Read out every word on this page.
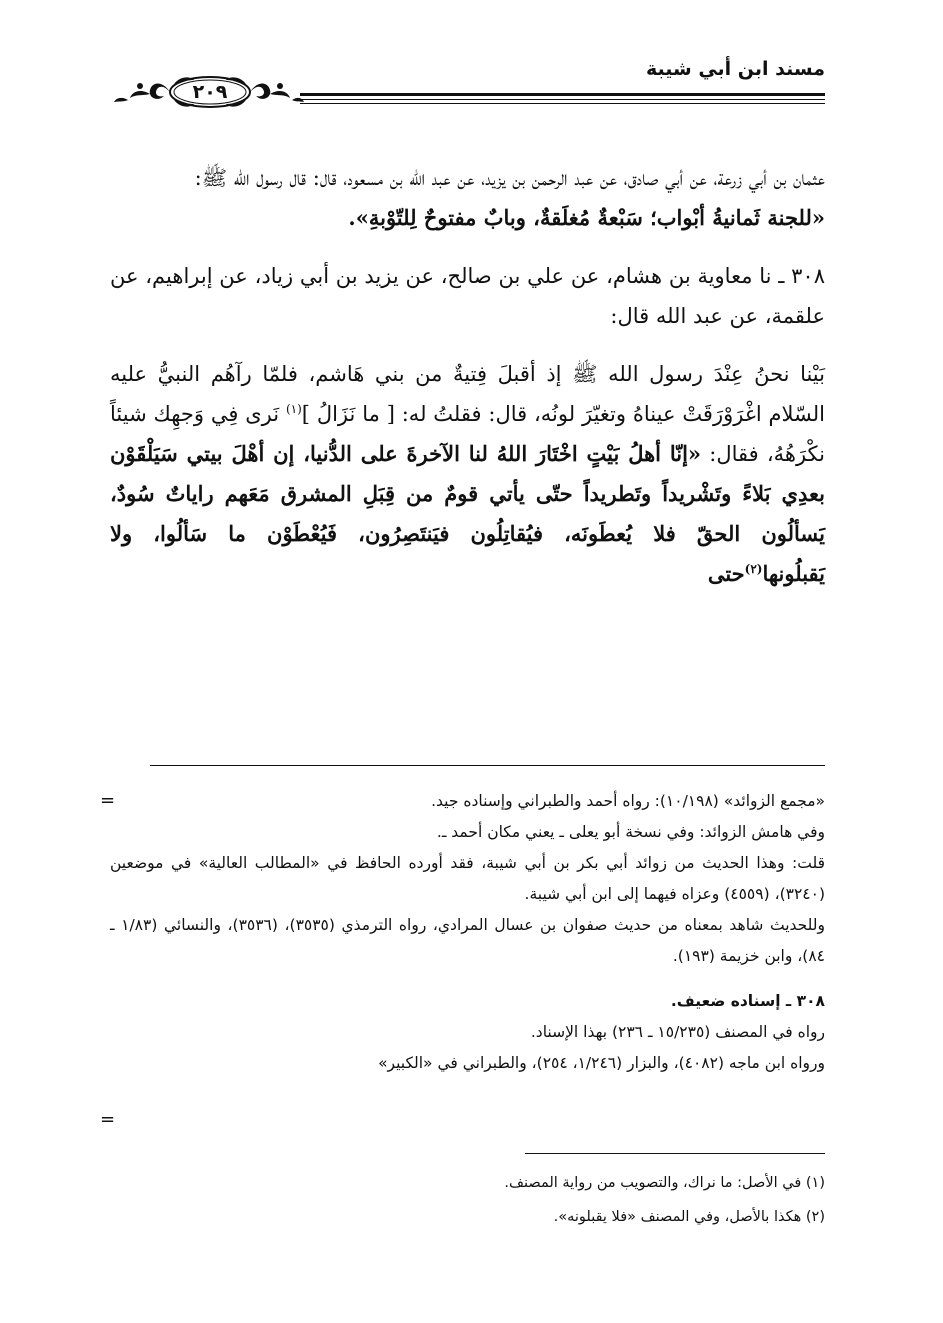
مسند ابن أبي شيبة
٢٠٩

عثمان بن أبي زرعة، عن أبي صادق، عن عبد الرحمن بن يزيد، عن عبد الله بن مسعود، قال: قال رسول الله ﷺ:

«للجنة ثَمانيةُ أبْواب؛ سَبْعةٌ مُغلَقةٌ، وبابٌ مفتوحٌ لِلتّوْبةِ».

٣٠٨ ـ نا معاوية بن هشام، عن علي بن صالح، عن يزيد بن أبي زياد، عن إبراهيم، عن علقمة، عن عبد الله قال:

بَيْنا نحنُ عِنْدَ رسول الله ﷺ إذ أقبلَ فِتيةٌ من بني هَاشم، فلمّا رآهُم النبيُّ عليه السّلام اغْرَوْرَقَتْ عيناهُ وتغيّرَ لونُه، قال: فقلتُ له: [ ما نَزَالُ ]$^{(١)}$ نَرى فِي وَجهِك شيئاً نكْرَهُهُ، فقال: «إنّا أهلُ بَيْتٍ اخْتَارَ اللهُ لنا الآخرةَ على الدُّنيا، إن أهْلَ بيتي سَيَلْقَوْن بعدِي بَلاءً وتَشْريداً وتَطريداً حتّى يأتي قومٌ من قِبَلِ المشرق مَعَهم راياتٌ سُودٌ، يَسألُون الحقّ فلا يُعطَونَه، فيُقاتِلُون فيَنتَصِرُون، فَيُعْطَوْن ما سَألُوا، ولا يَقبلُونها$^{(٢)}$حتى

=	«مجمع الزوائد» (١٠/١٩٨): رواه أحمد والطبراني وإسناده جيد.

وفي هامش الزوائد: وفي نسخة أبو يعلى ـ يعني مكان أحمد ـ.

قلت: وهذا الحديث من زوائد أبي بكر بن أبي شيبة، فقد أورده الحافظ في «المطالب العالية» في موضعين (٣٢٤٠)، (٤٥٥٩) وعزاه فيهما إلى ابن أبي شيبة.

وللحديث شاهد بمعناه من حديث صفوان بن عسال المرادي، رواه الترمذي (٣٥٣٥)، (٣٥٣٦)، والنسائي (١/٨٣ ـ ٨٤)، وابن خزيمة (١٩٣).

٣٠٨ ـ إسناده ضعيف.

رواه في المصنف (١٥/٢٣٥ ـ ٢٣٦) بهذا الإسناد.

ورواه ابن ماجه (٤٠٨٢)، والبزار (١/٢٤٦، ٢٥٤)، والطبراني في «الكبير»

=

(١) في الأصل: ما نراك، والتصويب من رواية المصنف.

(٢) هكذا بالأصل، وفي المصنف «فلا يقبلونه».
